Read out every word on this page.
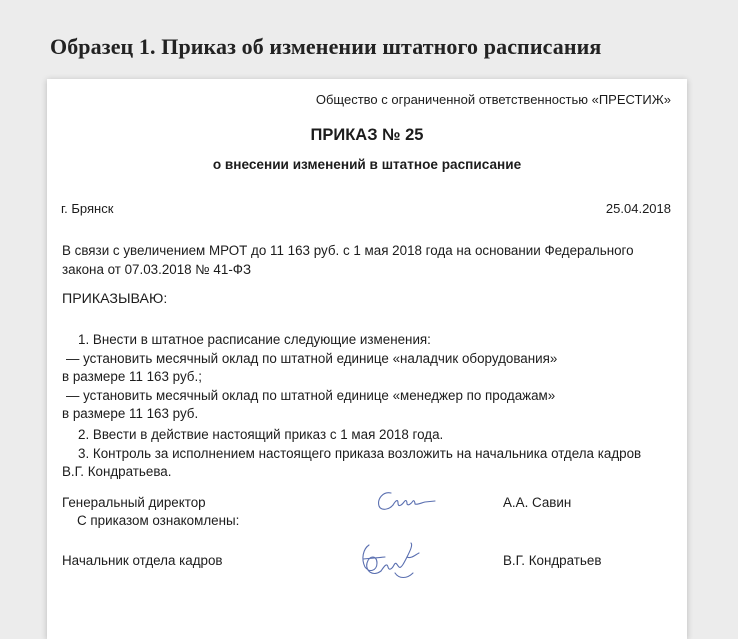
Образец 1. Приказ об изменении штатного расписания
Общество с ограниченной ответственностью «ПРЕСТИЖ»
ПРИКАЗ № 25
о внесении изменений в штатное расписание
г. Брянск	25.04.2018
В связи с увеличением МРОТ до 11 163 руб. с 1 мая 2018 года на основании Федерального
закона от 07.03.2018 № 41-ФЗ
ПРИКАЗЫВАЮ:
1. Внести в штатное расписание следующие изменения:
— установить месячный оклад по штатной единице «наладчик оборудования»
в размере 11 163 руб.;
— установить месячный оклад по штатной единице «менеджер по продажам»
в размере 11 163 руб.
2. Ввести в действие настоящий приказ с 1 мая 2018 года.
3. Контроль за исполнением настоящего приказа возложить на начальника отдела кадров
В.Г. Кондратьева.
Генеральный директор	А.А. Савин
С приказом ознакомлены:
Начальник отдела кадров	В.Г. Кондратьев
